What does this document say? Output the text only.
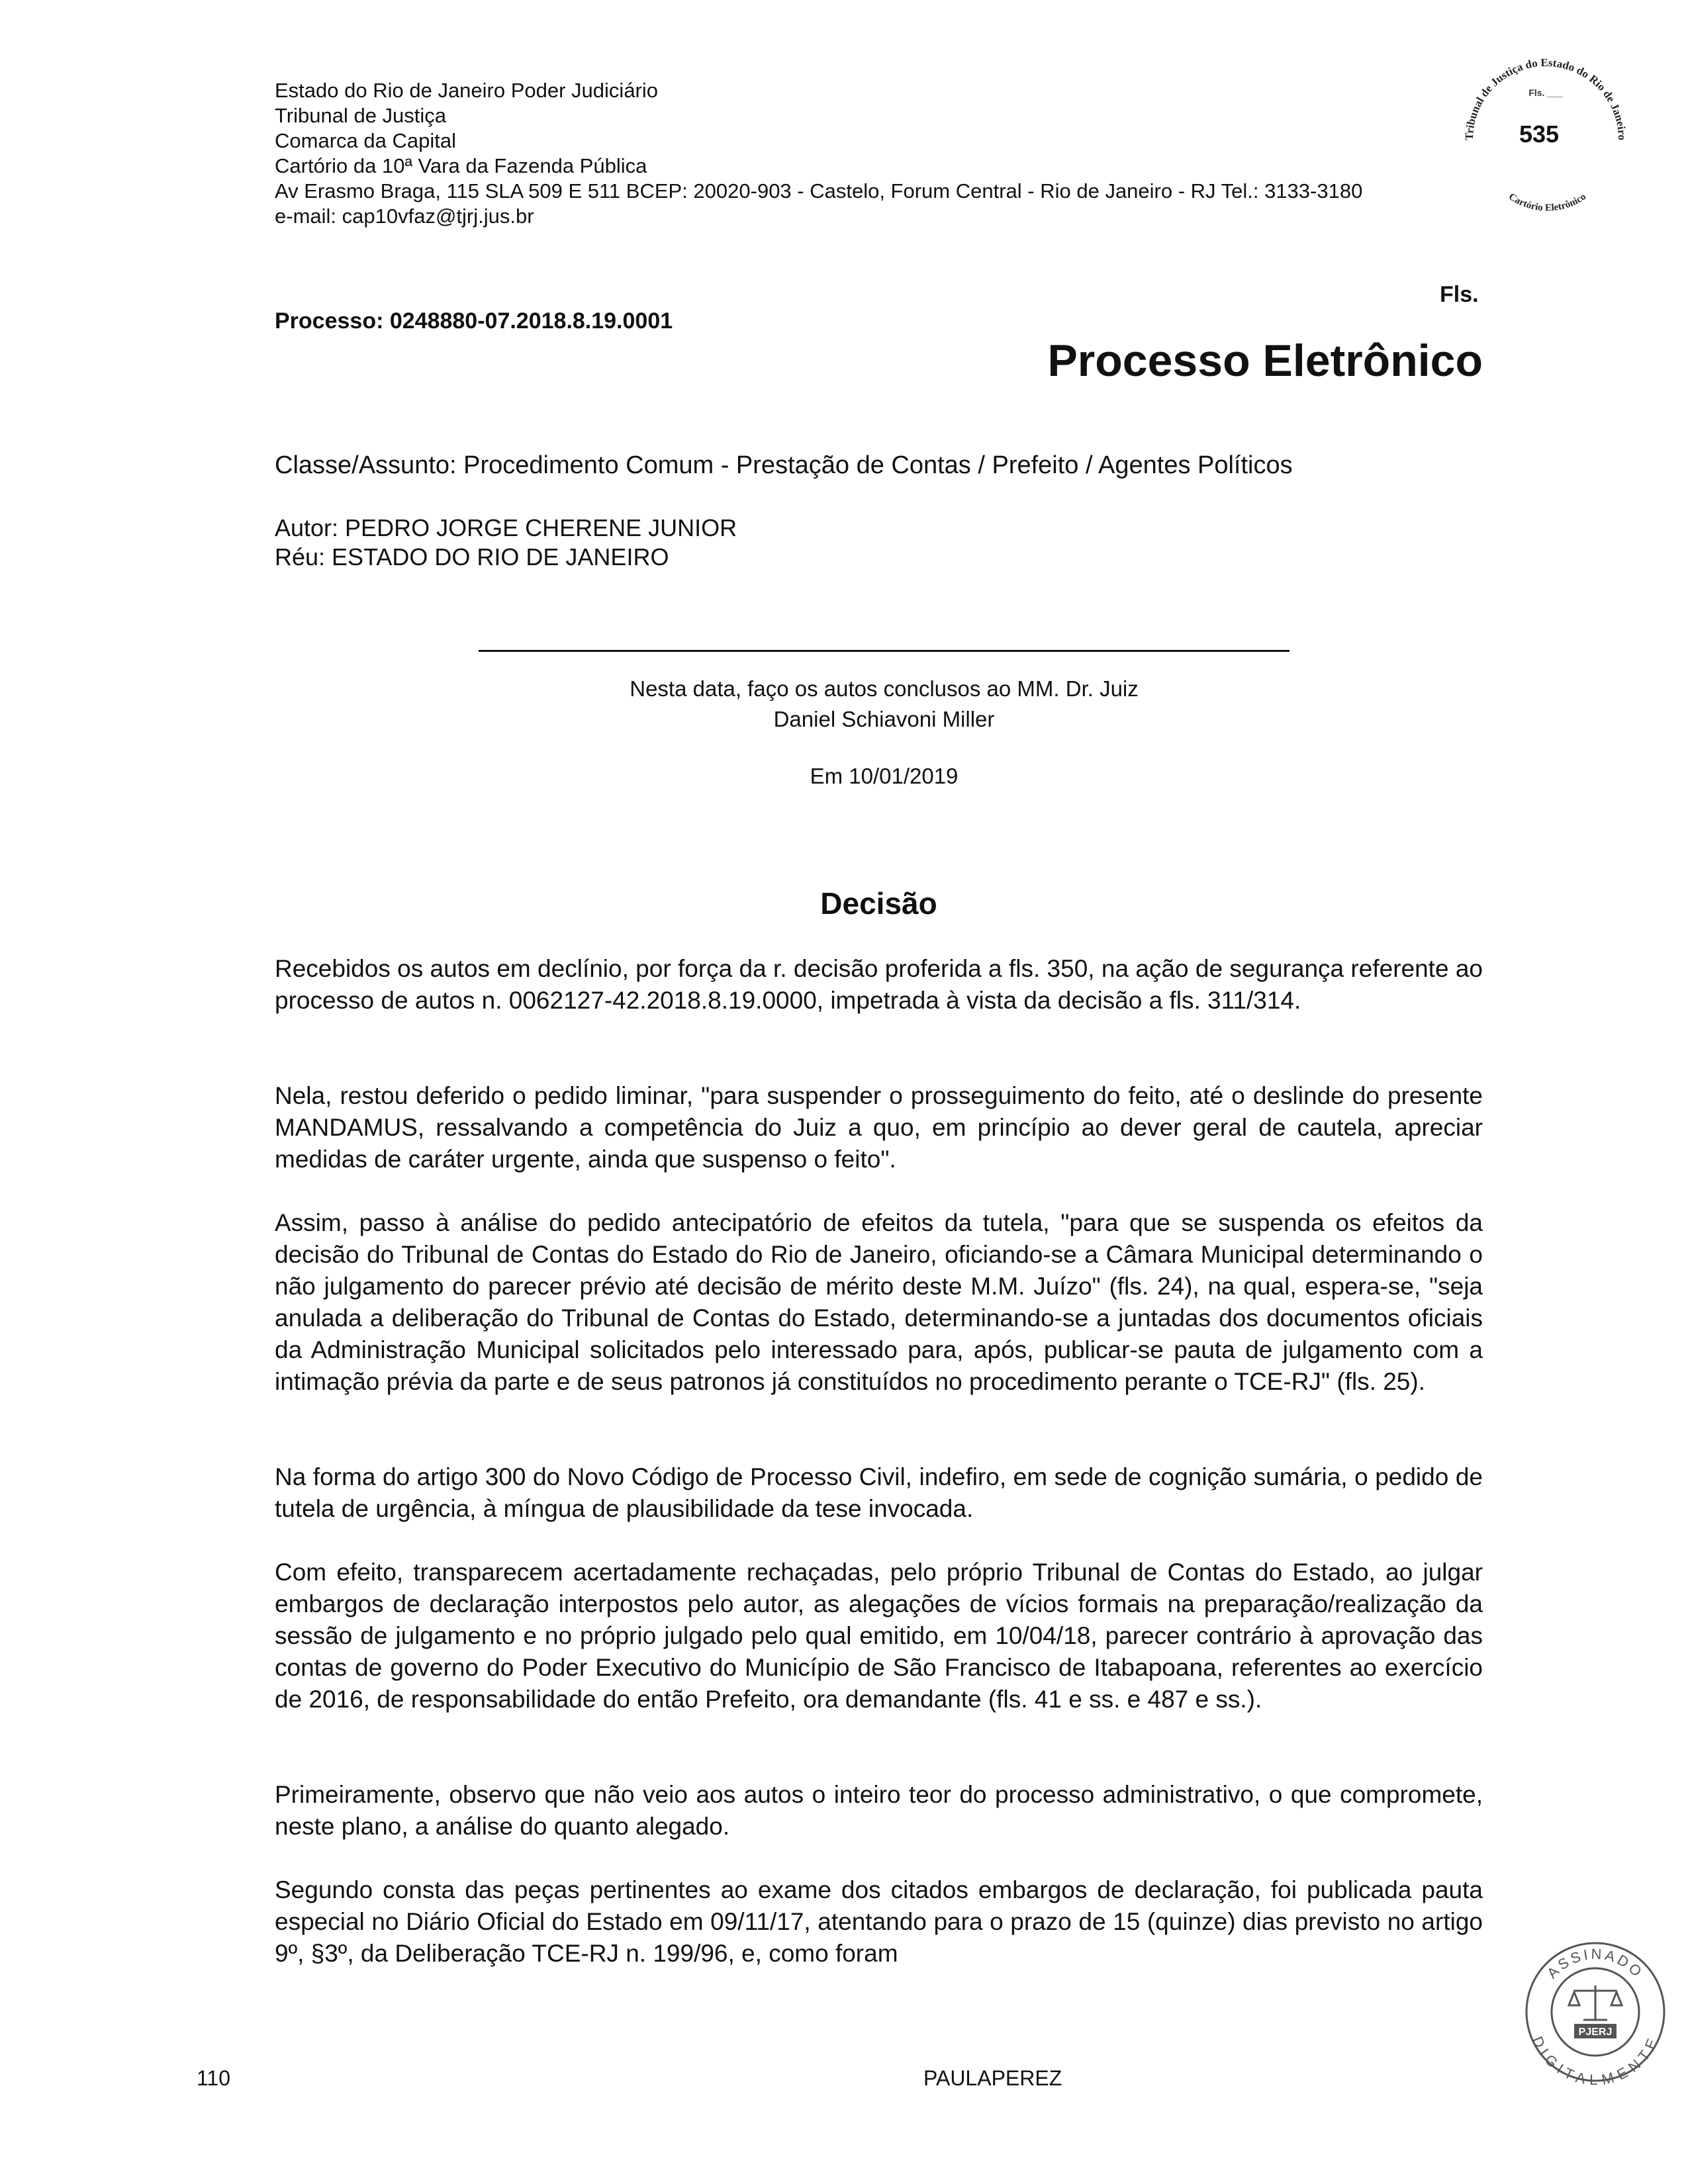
Estado do Rio de Janeiro Poder Judiciário
Tribunal de Justiça
Comarca da Capital
Cartório da 10ª Vara da Fazenda Pública
Av Erasmo Braga, 115 SLA 509 E 511 BCEP: 20020-903 - Castelo, Forum Central - Rio de Janeiro - RJ Tel.: 3133-3180
e-mail: cap10vfaz@tjrj.jus.br
Tribunal de Justiça do Estado do Rio de Janeiro
Cartório Eletrônico
Fls. ___
535
Fls.
Processo: 0248880-07.2018.8.19.0001
Processo Eletrônico
Classe/Assunto: Procedimento Comum - Prestação de Contas / Prefeito / Agentes Políticos
Autor: PEDRO JORGE CHERENE JUNIOR
Réu: ESTADO DO RIO DE JANEIRO
Nesta data, faço os autos conclusos ao MM. Dr. Juiz
Daniel Schiavoni Miller
Em 10/01/2019
Decisão
Recebidos os autos em declínio, por força da r. decisão proferida a fls. 350, na ação de segurança referente ao processo de autos n. 0062127-42.2018.8.19.0000, impetrada à vista da decisão a fls. 311/314.
Nela, restou deferido o pedido liminar, "para suspender o prosseguimento do feito, até o deslinde do presente MANDAMUS, ressalvando a competência do Juiz a quo, em princípio ao dever geral de cautela, apreciar medidas de caráter urgente, ainda que suspenso o feito".
Assim, passo à análise do pedido antecipatório de efeitos da tutela, "para que se suspenda os efeitos da decisão do Tribunal de Contas do Estado do Rio de Janeiro, oficiando-se a Câmara Municipal determinando o não julgamento do parecer prévio até decisão de mérito deste M.M. Juízo" (fls. 24), na qual, espera-se, "seja anulada a deliberação do Tribunal de Contas do Estado, determinando-se a juntadas dos documentos oficiais da Administração Municipal solicitados pelo interessado para, após, publicar-se pauta de julgamento com a intimação prévia da parte e de seus patronos já constituídos no procedimento perante o TCE-RJ" (fls. 25).
Na forma do artigo 300 do Novo Código de Processo Civil, indefiro, em sede de cognição sumária, o pedido de tutela de urgência, à míngua de plausibilidade da tese invocada.
Com efeito, transparecem acertadamente rechaçadas, pelo próprio Tribunal de Contas do Estado, ao julgar embargos de declaração interpostos pelo autor, as alegações de vícios formais na preparação/realização da sessão de julgamento e no próprio julgado pelo qual emitido, em 10/04/18, parecer contrário à aprovação das contas de governo do Poder Executivo do Município de São Francisco de Itabapoana, referentes ao exercício de 2016, de responsabilidade do então Prefeito, ora demandante (fls. 41 e ss. e 487 e ss.).
Primeiramente, observo que não veio aos autos o inteiro teor do processo administrativo, o que compromete, neste plano, a análise do quanto alegado.
Segundo consta das peças pertinentes ao exame dos citados embargos de declaração, foi publicada pauta especial no Diário Oficial do Estado em 09/11/17, atentando para o prazo de 15 (quinze) dias previsto no artigo 9º, §3º, da Deliberação TCE-RJ n. 199/96, e, como foram
ASSINADO
DIGITALMENTE
PJERJ
110	PAULAPEREZ
